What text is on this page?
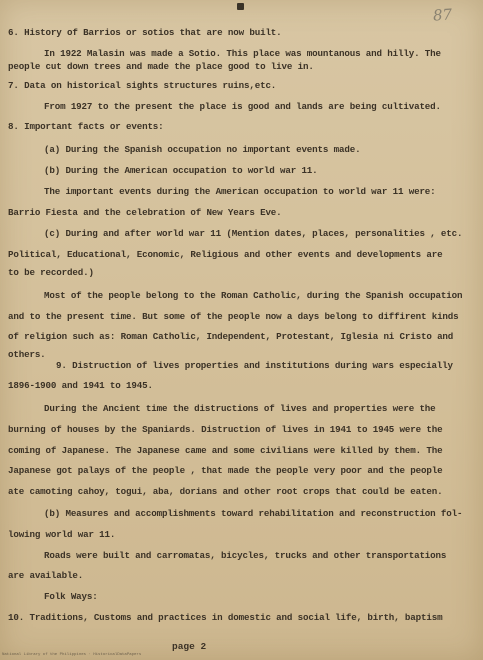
87
6. History of Barrios or sotios that are now built.
In 1922 Malasin was made a Sotio. This place was mountanous and hilly. The
people cut down trees and made the place good to live in.
7. Data on historical sights structures ruins,etc.
From 1927 to the present the place is good and lands are being cultivated.
8. Important facts or events:
(a) During the Spanish occupation no important events made.
(b) During the American occupation to world war 11.
The important events during the American occupation to world war 11 were:
Barrio Fiesta and the celebration of New Years Eve.
(c) During and after world war 11 (Mention dates, places, personalities , etc.
Political, Educational, Economic, Religious and other events and developments are
to be recorded.)
Most of the people belong to the Roman Catholic, during the Spanish occupation
and to the present time. But some of the people now a days belong to diffirent kinds
of religion such as: Roman Catholic, Independent, Protestant, Iglesia ni Cristo and
others.
9. Distruction of lives properties and institutions during wars especially
1896-1900 and 1941 to 1945.
During the Ancient time the distructions of lives and properties were the
burning of houses by the Spaniards. Distruction of lives in 1941 to 1945 were the
coming of Japanese. The Japanese came and some civilians were killed by them. The
Japanese got palays of the people , that made the people very poor and the people
ate camoting cahoy, togui, aba, dorians and other root crops that could be eaten.
(b) Measures and accomplishments toward rehabilitation and reconstruction fol-
lowing world war 11.
Roads were built and carromatas, bicycles, trucks and other transportations
are available.
Folk Ways:
10. Traditions, Customs and practices in domestic and social life, birth, baptism
page 2
National Library of the Philippines · HistoricalDataPapers
